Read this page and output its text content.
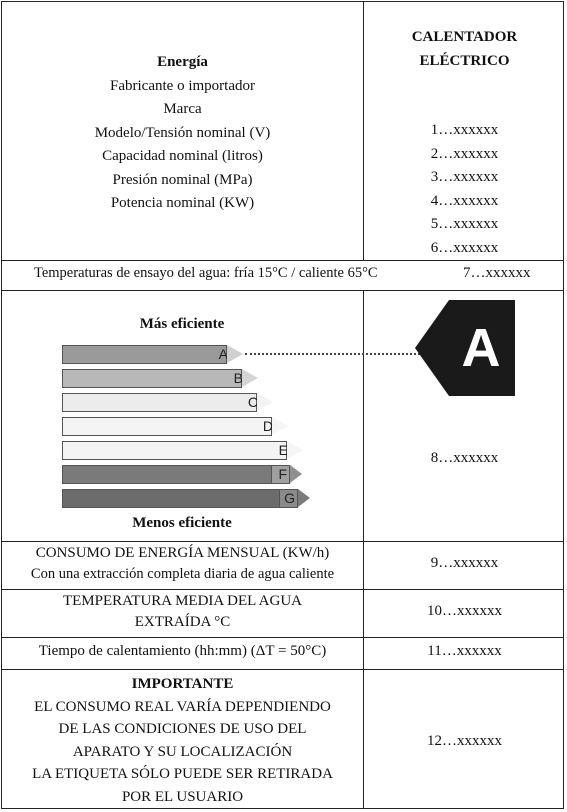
Energía
Fabricante o importador
Marca
Modelo/Tensión nominal (V)
Capacidad nominal (litros)
Presión nominal (MPa)
Potencia nominal (KW)
CALENTADOR
ELÉCTRICO
1…xxxxxx
2…xxxxxx
3…xxxxxx
4…xxxxxx
5…xxxxxx
6…xxxxxx
Temperaturas de ensayo del agua: fría 15°C / caliente 65°C	7…xxxxxx
Más eficiente
A
B
C
D
E
F
G
Menos eficiente
A
8…xxxxxx
CONSUMO DE ENERGÍA MENSUAL (KW/h)
Con una extracción completa diaria de agua caliente
9…xxxxxx
TEMPERATURA MEDIA DEL AGUA
EXTRAÍDA °C
10…xxxxxx
Tiempo de calentamiento (hh:mm) (ΔT = 50°C)	11…xxxxxx
IMPORTANTE
EL CONSUMO REAL VARÍA DEPENDIENDO
DE LAS CONDICIONES DE USO DEL
APARATO Y SU LOCALIZACIÓN
LA ETIQUETA SÓLO PUEDE SER RETIRADA
POR EL USUARIO
12…xxxxxx
